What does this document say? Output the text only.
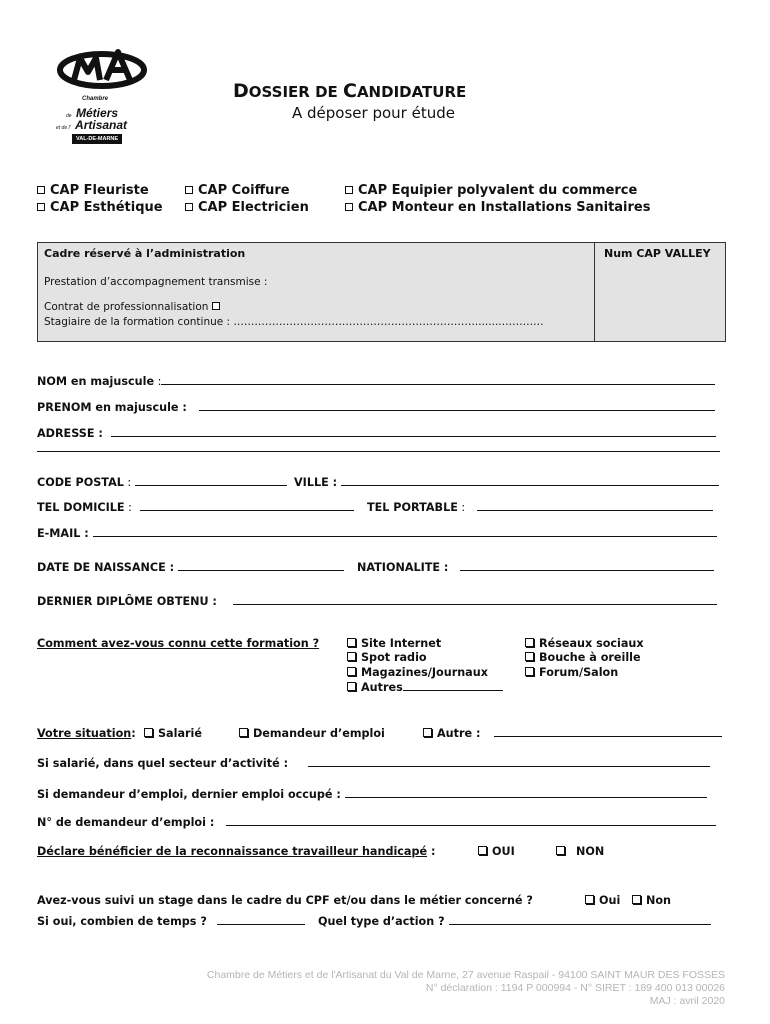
Chambre
de Métiers
et de l' Artisanat
VAL-DE-MARNE
DOSSIER DE CANDIDATURE
A déposer pour étude
CAP Fleuriste
CAP Esthétique
CAP Coiffure
CAP Electricien
CAP Equipier polyvalent du commerce
CAP Monteur en Installations Sanitaires
Cadre réservé à l’administration
Prestation d’accompagnement transmise :
Contrat de professionnalisation
Stagiaire de la formation continue : ……………………………………………………………........…………
Num CAP VALLEY
NOM en majuscule :
PRENOM en majuscule :
ADRESSE :
CODE POSTAL :	VILLE :
TEL DOMICILE :	TEL PORTABLE :
E-MAIL :
DATE DE NAISSANCE :	NATIONALITE :
DERNIER DIPLÔME OBTENU :
Comment avez-vous connu cette formation ?	Site Internet
Spot radio
Magazines/Journaux
Autres
Réseaux sociaux
Bouche à oreille
Forum/Salon
Votre situation:	Salarié	Demandeur d’emploi	Autre :
Si salarié, dans quel secteur d’activité :
Si demandeur d’emploi, dernier emploi occupé :
N° de demandeur d’emploi :
Déclare bénéficier de la reconnaissance travailleur handicapé :	OUI	NON
Avez-vous suivi un stage dans le cadre du CPF et/ou dans le métier concerné ?	Oui	Non
Si oui, combien de temps ?	Quel type d’action ?
Chambre de Métiers et de l'Artisanat du Val de Marne, 27 avenue Raspail - 94100 SAINT MAUR DES FOSSES
N° déclaration : 1194 P 000994 - N° SIRET : 189 400 013 00026
MAJ : avril 2020
